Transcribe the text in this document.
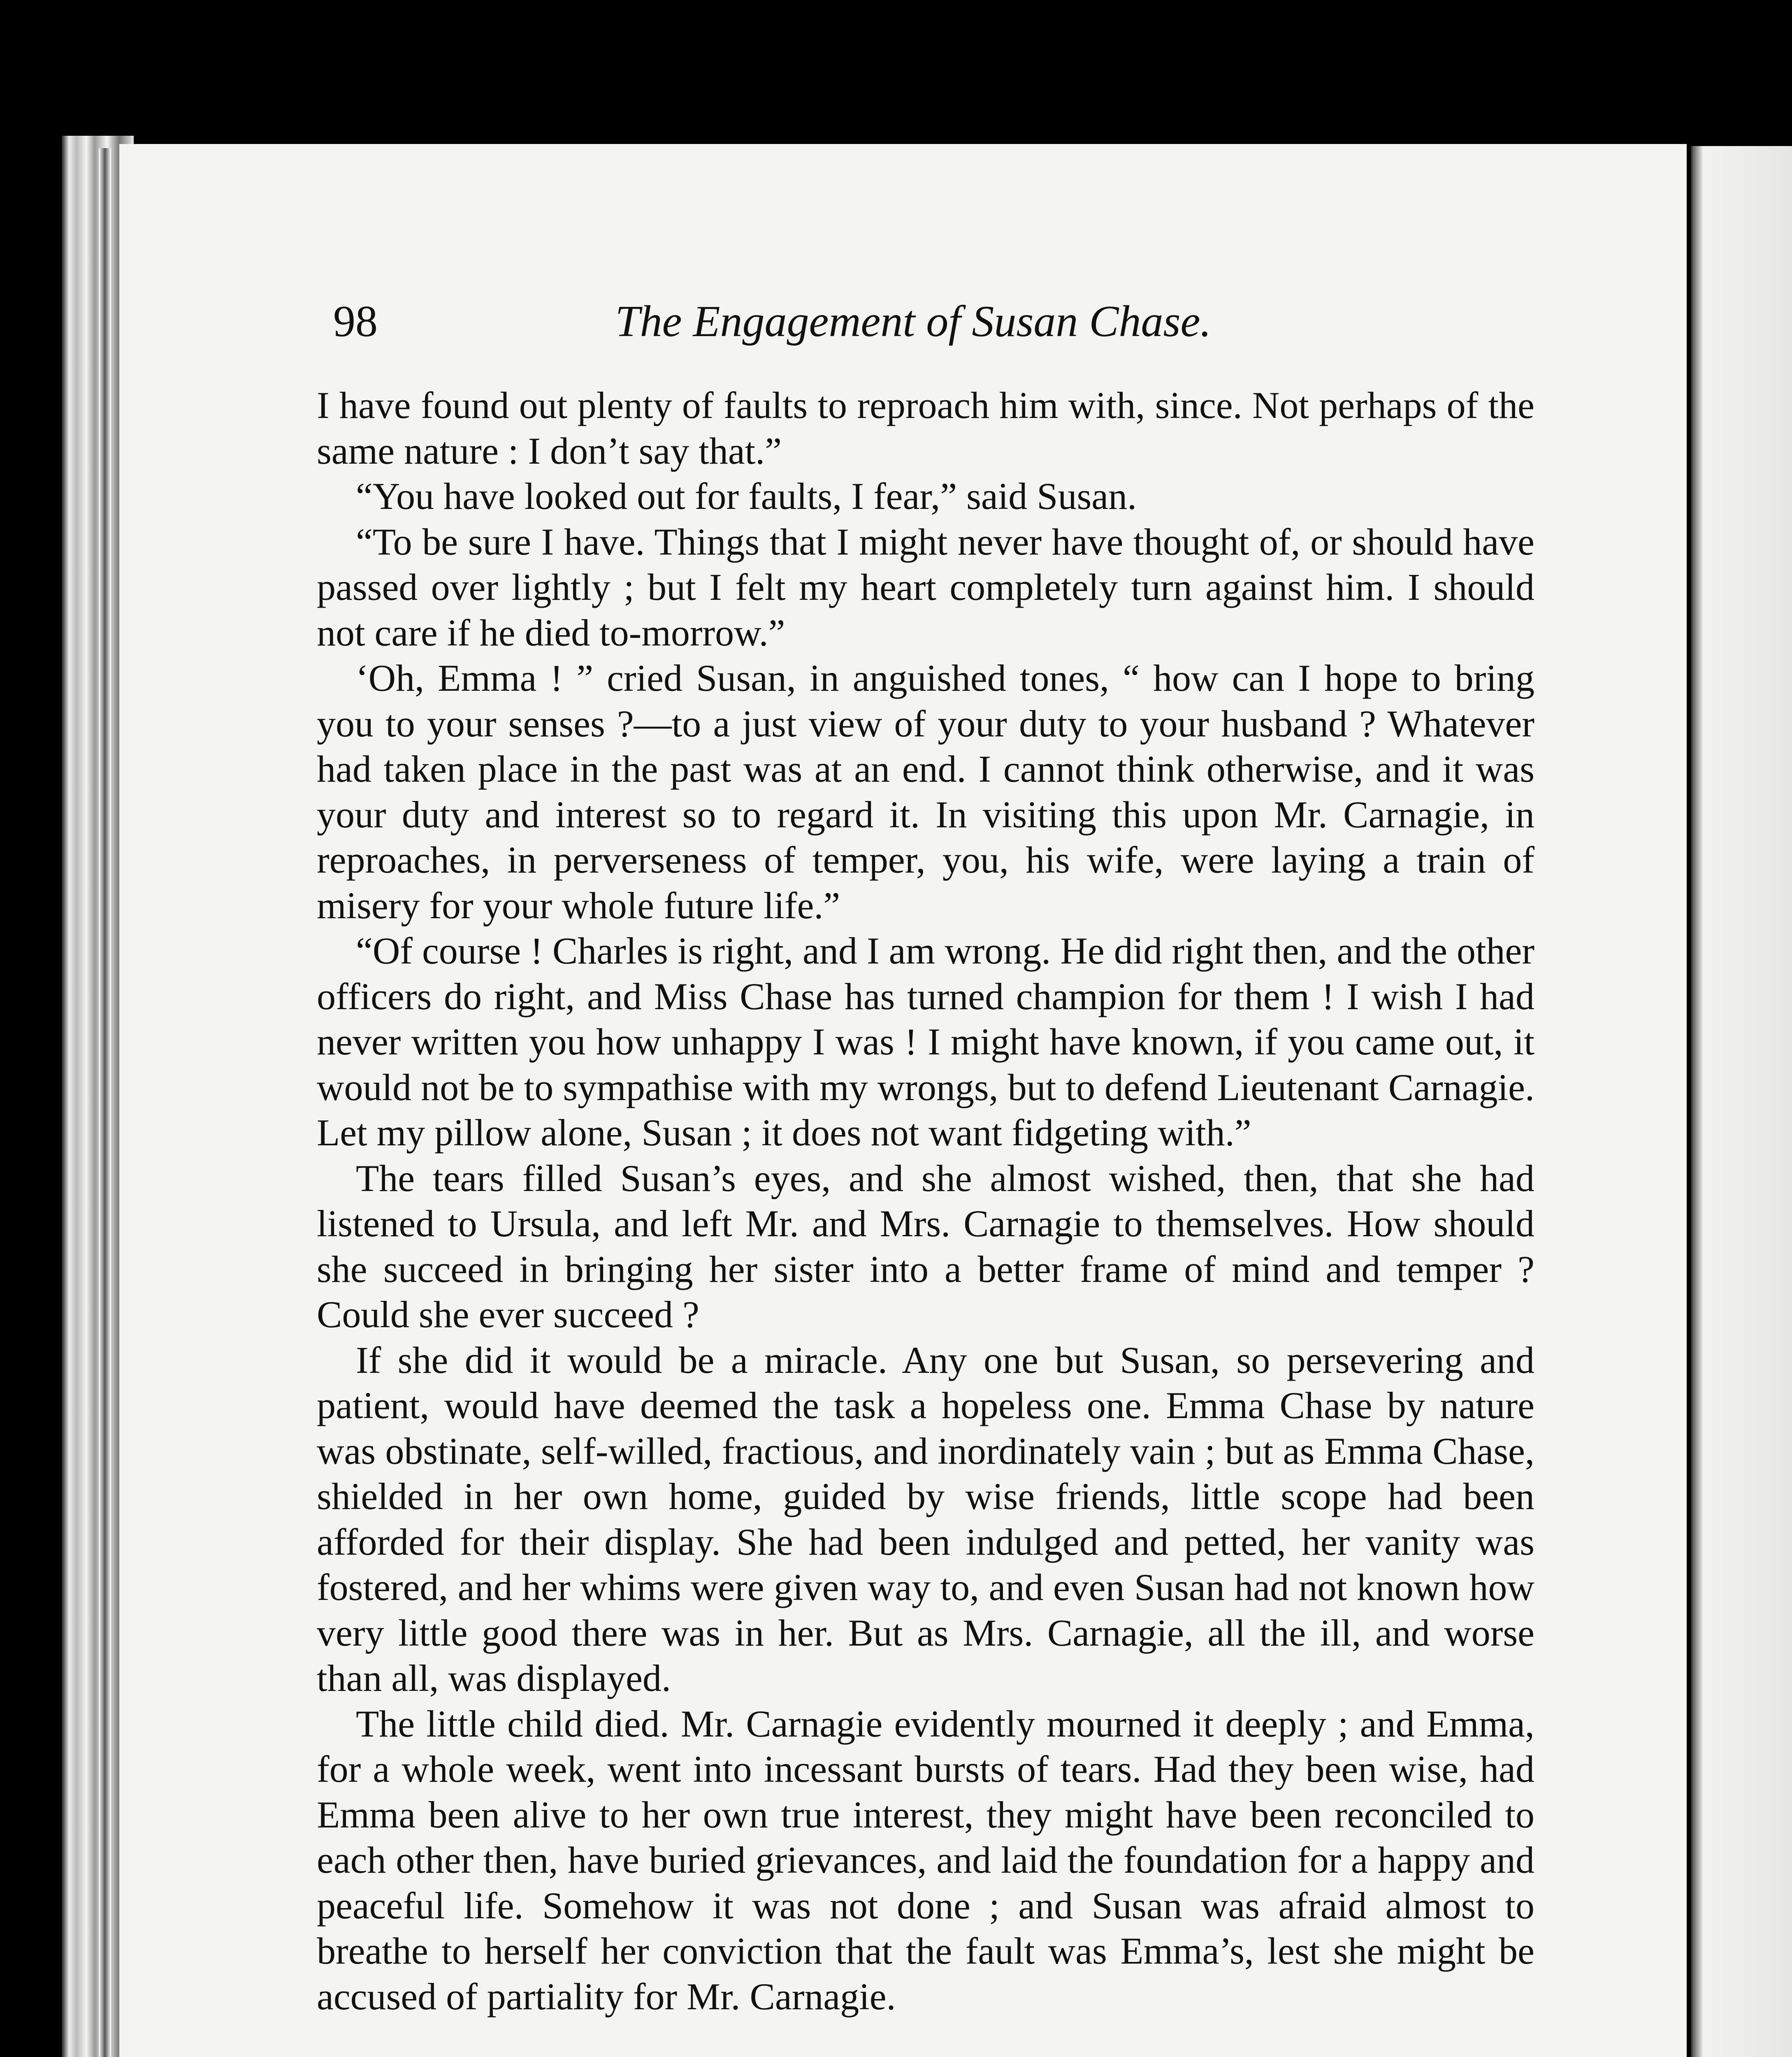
98	The Engagement of Susan Chase.

I have found out plenty of faults to reproach him with, since. Not perhaps of the same nature : I don’t say that.”

“You have looked out for faults, I fear,” said Susan.

“To be sure I have. Things that I might never have thought of, or should have passed over lightly ; but I felt my heart completely turn against him. I should not care if he died to-morrow.”

‘Oh, Emma ! ” cried Susan, in anguished tones, “ how can I hope to bring you to your senses ?—to a just view of your duty to your husband ? Whatever had taken place in the past was at an end. I cannot think otherwise, and it was your duty and interest so to regard it. In visiting this upon Mr. Carnagie, in reproaches, in perverseness of temper, you, his wife, were laying a train of misery for your whole future life.”

“Of course ! Charles is right, and I am wrong. He did right then, and the other officers do right, and Miss Chase has turned champion for them ! I wish I had never written you how unhappy I was ! I might have known, if you came out, it would not be to sympathise with my wrongs, but to defend Lieutenant Carnagie. Let my pillow alone, Susan ; it does not want fidgeting with.”

The tears filled Susan’s eyes, and she almost wished, then, that she had listened to Ursula, and left Mr. and Mrs. Carnagie to themselves. How should she succeed in bringing her sister into a better frame of mind and temper ? Could she ever succeed ?

If she did it would be a miracle. Any one but Susan, so persevering and patient, would have deemed the task a hopeless one. Emma Chase by nature was obstinate, self-willed, fractious, and inordinately vain ; but as Emma Chase, shielded in her own home, guided by wise friends, little scope had been afforded for their display. She had been indulged and petted, her vanity was fostered, and her whims were given way to, and even Susan had not known how very little good there was in her. But as Mrs. Carnagie, all the ill, and worse than all, was displayed.

The little child died. Mr. Carnagie evidently mourned it deeply ; and Emma, for a whole week, went into incessant bursts of tears. Had they been wise, had Emma been alive to her own true interest, they might have been reconciled to each other then, have buried grievances, and laid the foundation for a happy and peaceful life. Somehow it was not done ; and Susan was afraid almost to breathe to herself her conviction that the fault was Emma’s, lest she might be accused of partiality for Mr. Carnagie.
